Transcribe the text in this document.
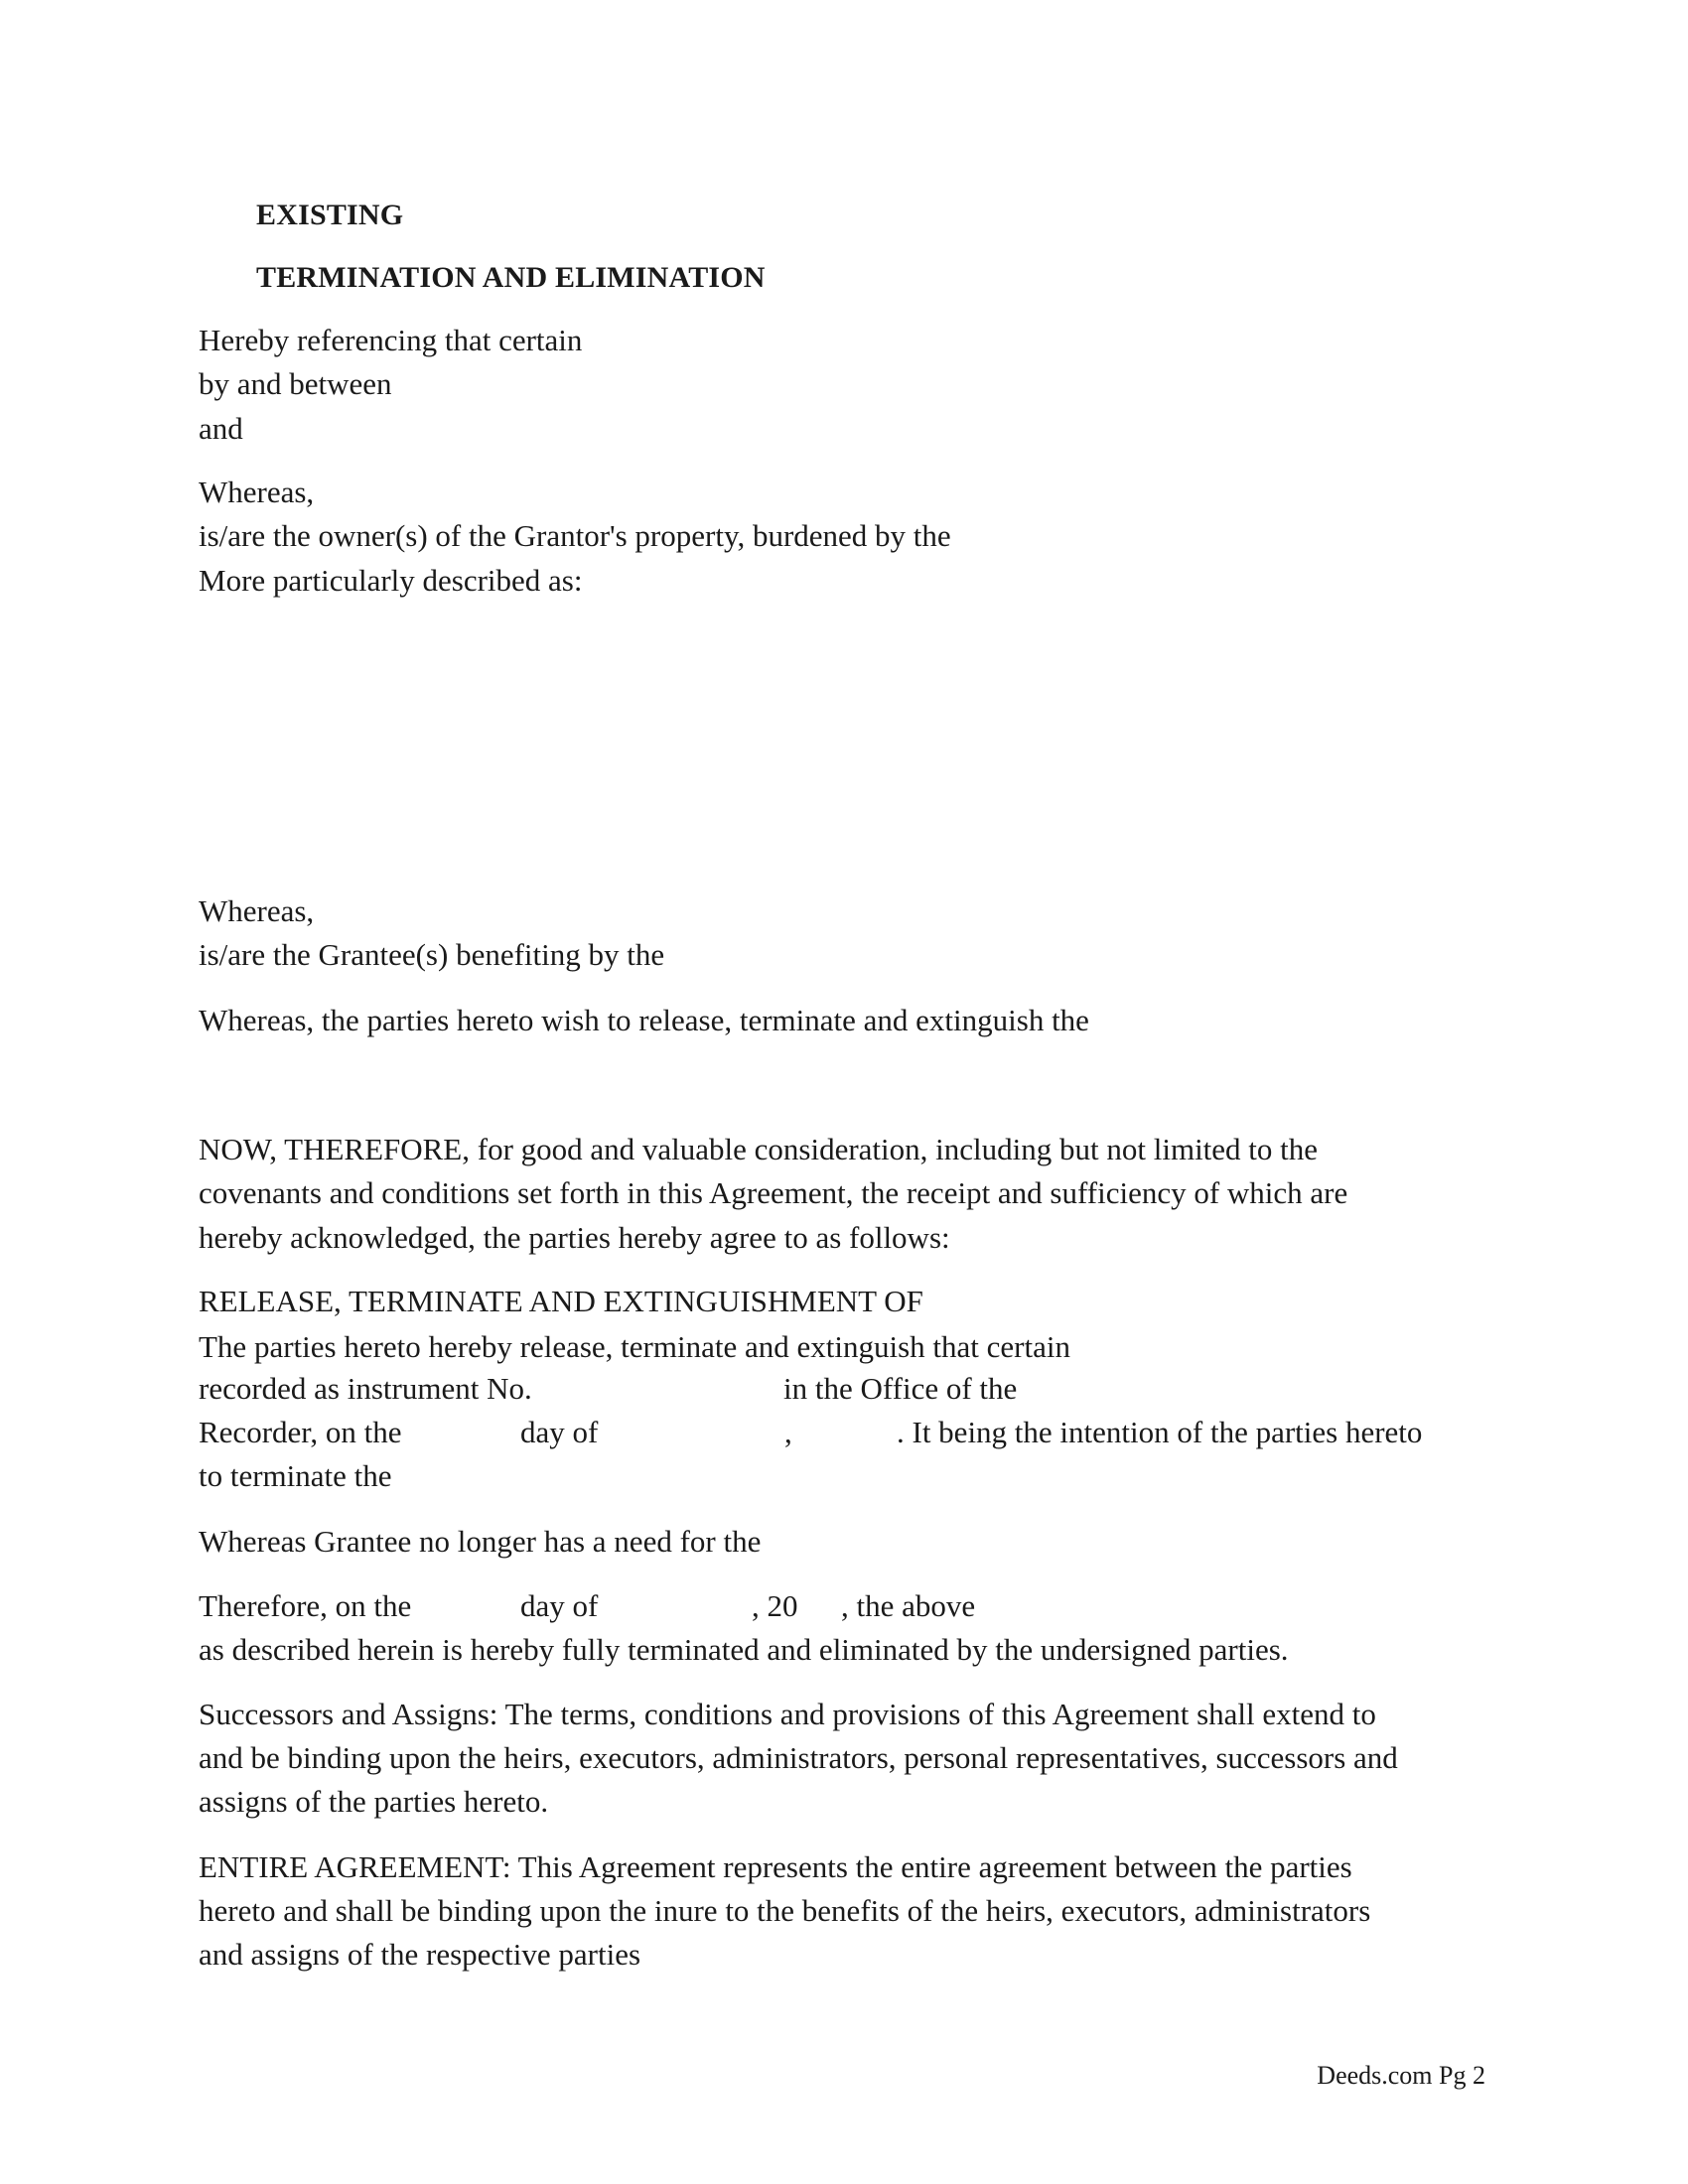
EXISTING
TERMINATION AND ELIMINATION
Hereby referencing that certain
by and between
and
Whereas,
is/are the owner(s) of the Grantor's property, burdened by the
More particularly described as:
Whereas,
is/are the Grantee(s) benefiting by the
Whereas, the parties hereto wish to release, terminate and extinguish the
NOW, THEREFORE, for good and valuable consideration, including but not limited to the
covenants and conditions set forth in this Agreement, the receipt and sufficiency of which are
hereby acknowledged, the parties hereby agree to as follows:
RELEASE, TERMINATE AND EXTINGUISHMENT OF
The parties hereto hereby release, terminate and extinguish that certain
recorded as instrument No.	in the Office of the
Recorder, on the	day of	,	. It being the intention of the parties hereto
to terminate the
Whereas Grantee no longer has a need for the
Therefore, on the	day of	, 20 , the above
as described herein is hereby fully terminated and eliminated by the undersigned parties.
Successors and Assigns: The terms, conditions and provisions of this Agreement shall extend to
and be binding upon the heirs, executors, administrators, personal representatives, successors and
assigns of the parties hereto.
ENTIRE AGREEMENT: This Agreement represents the entire agreement between the parties
hereto and shall be binding upon the inure to the benefits of the heirs, executors, administrators
and assigns of the respective parties
Deeds.com Pg 2
